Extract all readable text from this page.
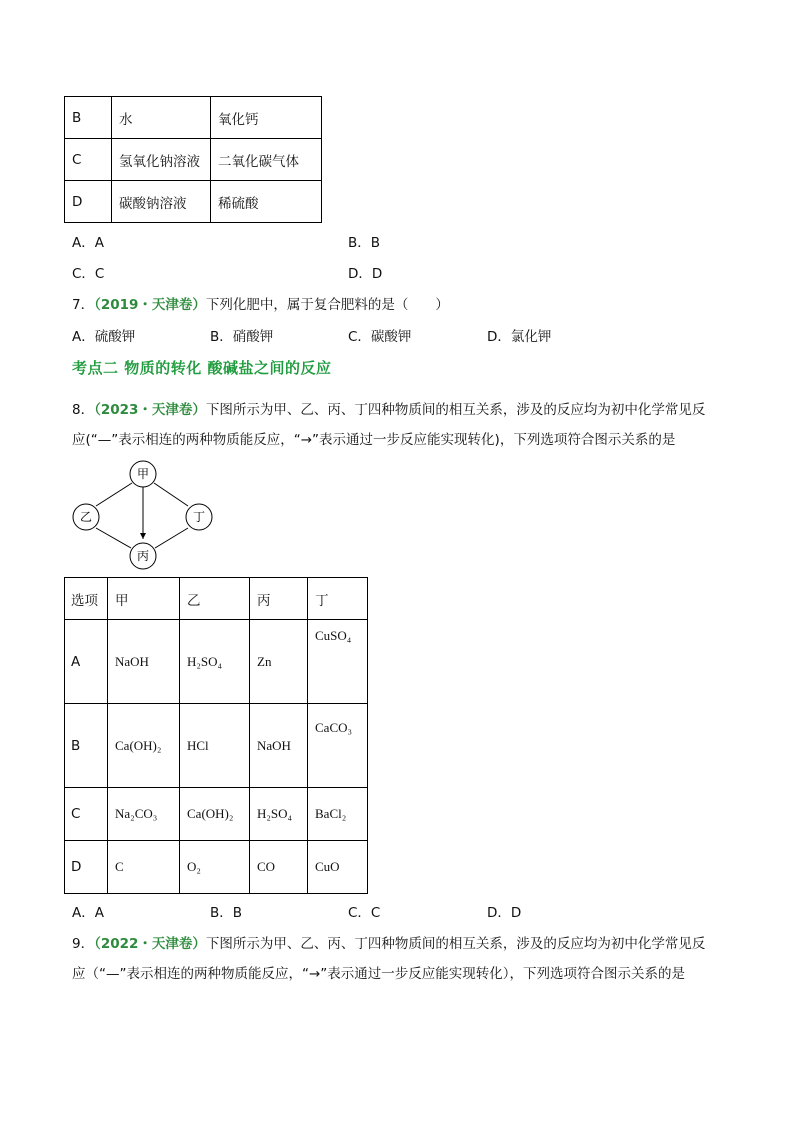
B	水	氧化钙
C	氢氧化钠溶液	二氧化碳气体
D	碳酸钠溶液	稀硫酸
A．A	B．B
C．C	D．D
7．（2019・天津卷）下列化肥中，属于复合肥料的是（　　）
A．硫酸钾	B．硝酸钾	C．碳酸钾	D．氯化钾
考点二 物质的转化 酸碱盐之间的反应
8．（2023・天津卷）下图所示为甲、乙、丙、丁四种物质间的相互关系，涉及的反应均为初中化学常见反
应(“—”表示相连的两种物质能反应，“→”表示通过一步反应能实现转化)，下列选项符合图示关系的是
甲
乙	丁
丙
选项	甲	乙	丙	丁
A	NaOH	H₂SO₄	Zn	CuSO₄
B	Ca(OH)₂	HCl	NaOH	CaCO₃
C	Na₂CO₃	Ca(OH)₂	H₂SO₄	BaCl₂
D	C	O₂	CO	CuO
A．A	B．B	C．C	D．D
9．（2022・天津卷）下图所示为甲、乙、丙、丁四种物质间的相互关系，涉及的反应均为初中化学常见反
应（“—”表示相连的两种物质能反应，“→”表示通过一步反应能实现转化），下列选项符合图示关系的是
